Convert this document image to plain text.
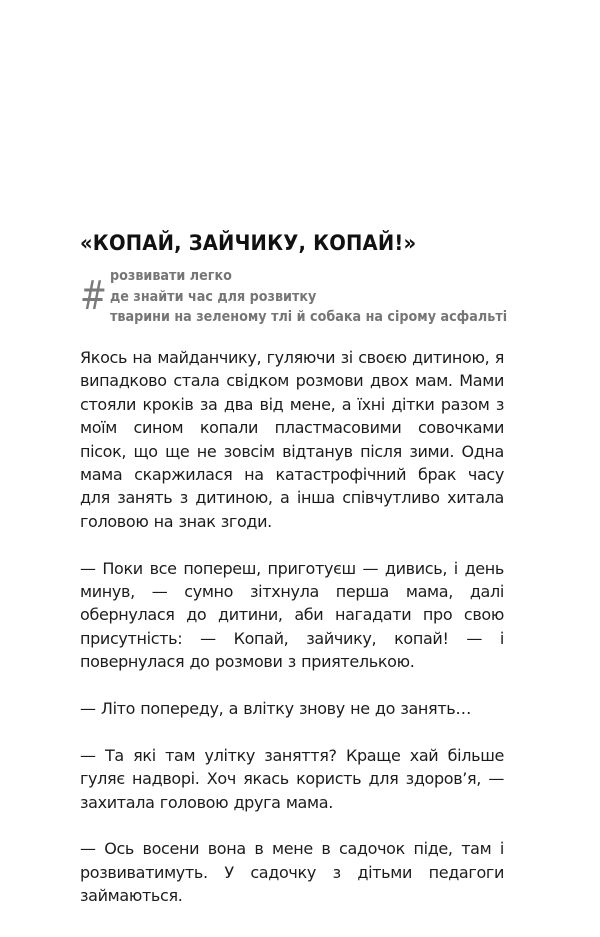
«КОПАЙ, ЗАЙЧИКУ, КОПАЙ!»
# розвивати легко
де знайти час для розвитку
тварини на зеленому тлі й собака на сірому асфальті

Якось на майданчику, гуляючи зі своєю дитиною, я випадково стала свідком розмови двох мам. Мами стояли кроків за два від мене, а їхні дітки разом з моїм сином копали пластмасовими совочками пісок, що ще не зовсім відтанув після зими. Одна мама скаржилася на катастрофічний брак часу для занять з дитиною, а інша співчутливо хитала головою на знак згоди.

— Поки все попереш, приготуєш — дивись, і день минув, — сумно зітхнула перша мама, далі обернулася до дитини, аби нагадати про свою присутність: — Копай, зайчику, копай! — і повернулася до розмови з приятелькою.

— Літо попереду, а влітку знову не до занять…

— Та які там улітку заняття? Краще хай більше гуляє надворі. Хоч якась користь для здоров’я, — захитала головою друга мама.

— Ось восени вона в мене в садочок піде, там і розвиватимуть. У садочку з дітьми педагоги займаються.
